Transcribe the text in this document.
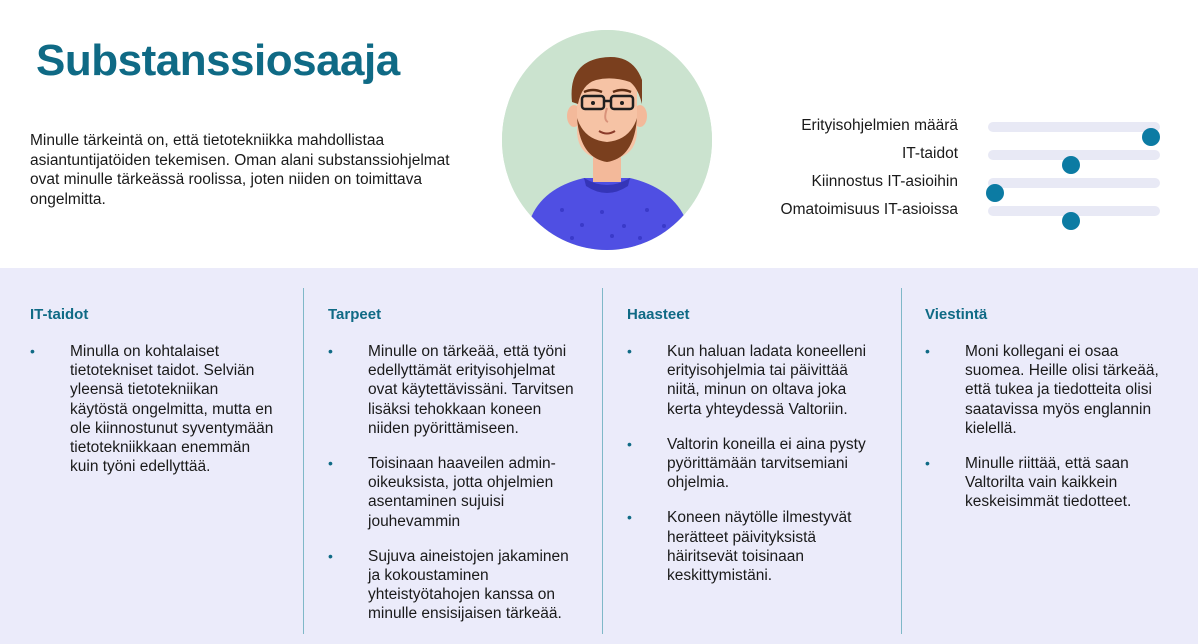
Substanssiosaaja
Minulle tärkeintä on, että tietotekniikka mahdollistaa asiantuntijatöiden tekemisen. Oman alani substanssiohjelmat ovat minulle tärkeässä roolissa, joten niiden on toimittava ongelmitta.
Erityisohjelmien määrä
IT-taidot
Kiinnostus IT-asioihin
Omatoimisuus IT-asioissa
IT-taidot
• Minulla on kohtalaiset tietotekniset taidot. Selviän yleensä tietotekniikan käytöstä ongelmitta, mutta en ole kiinnostunut syventymään tietotekniikkaan enemmän kuin työni edellyttää.
Tarpeet
• Minulle on tärkeää, että työni edellyttämät erityisohjelmat ovat käytettävissäni. Tarvitsen lisäksi tehokkaan koneen niiden pyörittämiseen.
• Toisinaan haaveilen admin-oikeuksista, jotta ohjelmien asentaminen sujuisi jouhevammin
• Sujuva aineistojen jakaminen ja kokoustaminen yhteistyötahojen kanssa on minulle ensisijaisen tärkeää.
Haasteet
• Kun haluan ladata koneelleni erityisohjelmia tai päivittää niitä, minun on oltava joka kerta yhteydessä Valtoriin.
• Valtorin koneilla ei aina pysty pyörittämään tarvitsemiani ohjelmia.
• Koneen näytölle ilmestyvät herätteet päivityksistä häiritsevät toisinaan keskittymistäni.
Viestintä
• Moni kollegani ei osaa suomea. Heille olisi tärkeää, että tukea ja tiedotteita olisi saatavissa myös englannin kielellä.
• Minulle riittää, että saan Valtorilta vain kaikkein keskeisimmät tiedotteet.
